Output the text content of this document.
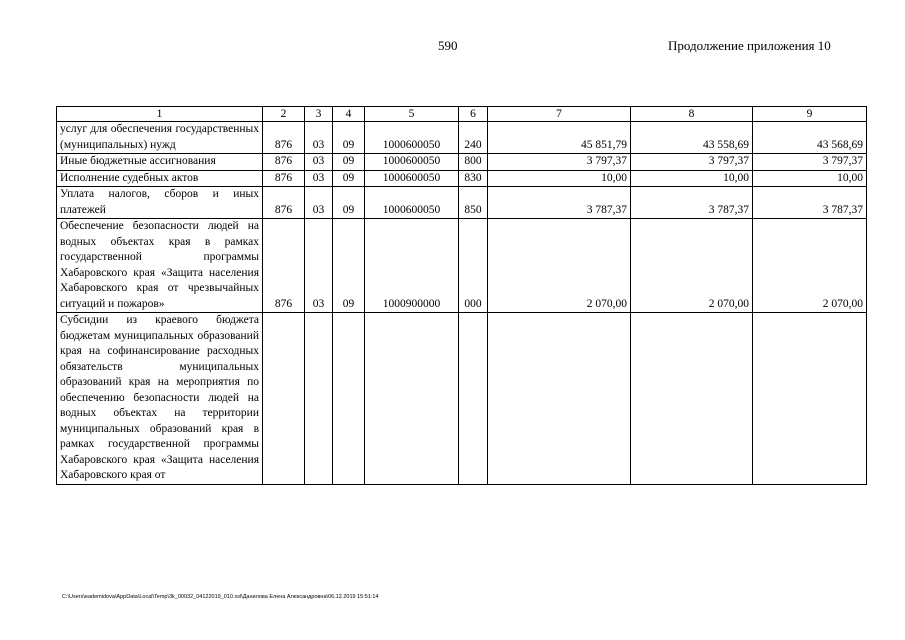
590	Продолжение приложения 10
1	2	3	4	5	6	7	8	9
услуг для обеспечения государственных (муниципальных) нужд	876	03	09	1000600050	240	45 851,79	43 558,69	43 568,69
Иные бюджетные ассигнования	876	03	09	1000600050	800	3 797,37	3 797,37	3 797,37
Исполнение судебных актов	876	03	09	1000600050	830	10,00	10,00	10,00
Уплата налогов, сборов и иных платежей	876	03	09	1000600050	850	3 787,37	3 787,37	3 787,37
Обеспечение безопасности людей на водных объектах края в рамках государственной программы Хабаровского края «Защита населения Хабаровского края от чрезвычайных ситуаций и пожаров»	876	03	09	1000900000	000	2 070,00	2 070,00	2 070,00
Субсидии из краевого бюджета бюджетам муниципальных образований края на софинансирование расходных обязательств муниципальных образований края на мероприятия по обеспечению безопасности людей на водных объектах на территории муниципальных образований края в рамках государственной программы Хабаровского края «Защита населения Хабаровского края от								
C:\Users\eademidova\AppData\Local\Temp\3k_00032_04122019_010.xsl\Данилова Елена Александровна\06.12.2019 15:51:14
